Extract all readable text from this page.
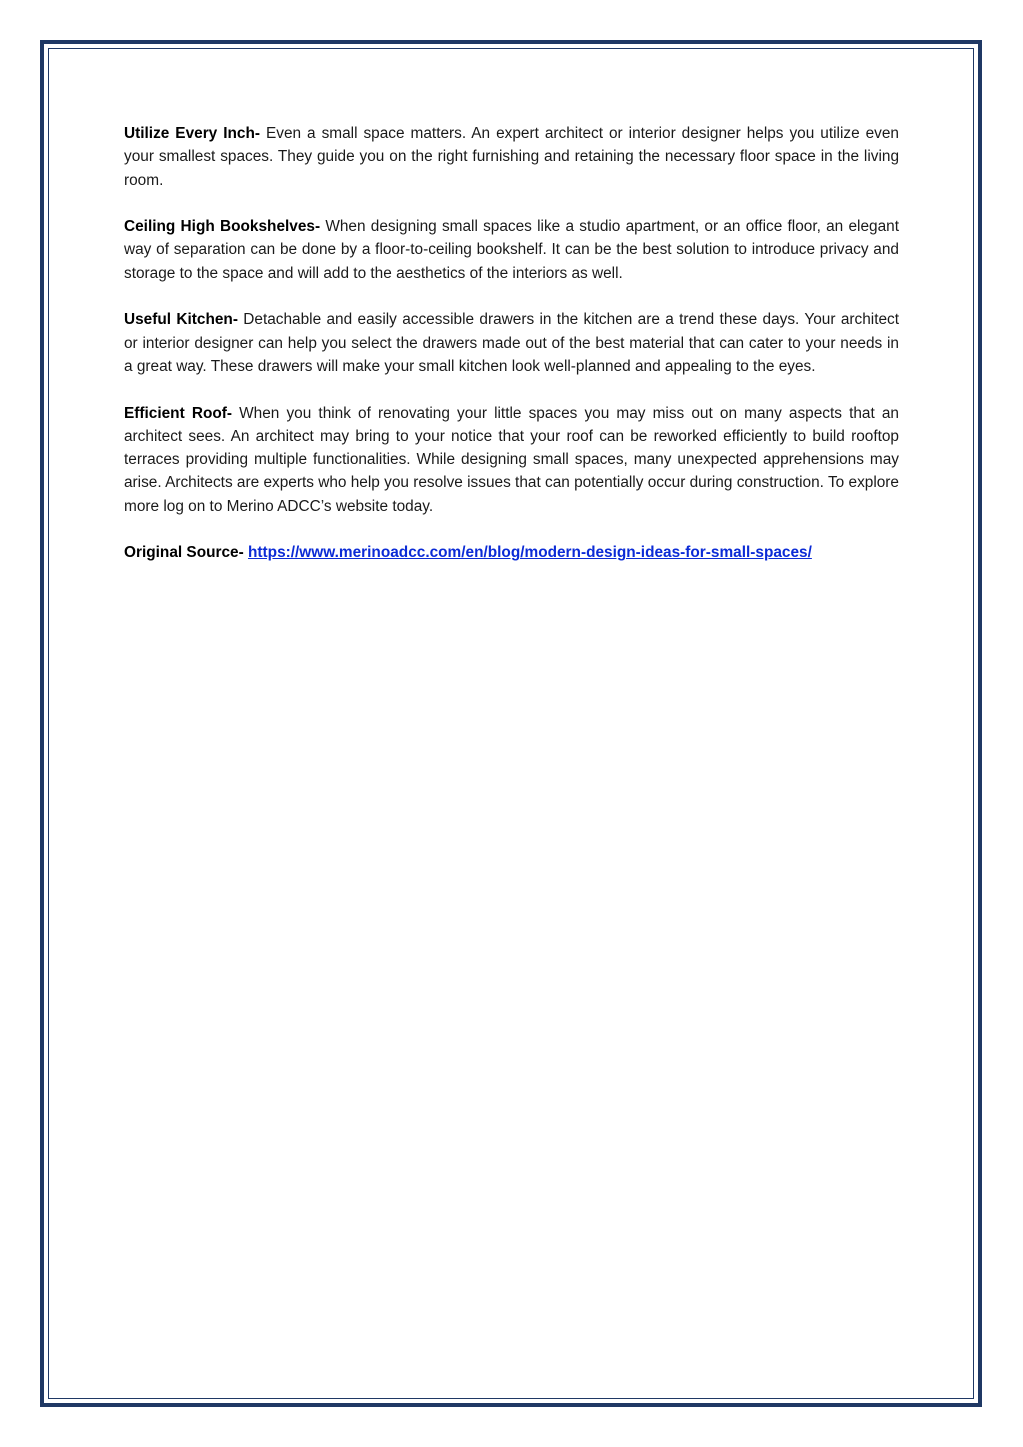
Utilize Every Inch- Even a small space matters. An expert architect or interior designer helps you utilize even your smallest spaces. They guide you on the right furnishing and retaining the necessary floor space in the living room.

Ceiling High Bookshelves- When designing small spaces like a studio apartment, or an office floor, an elegant way of separation can be done by a floor-to-ceiling bookshelf. It can be the best solution to introduce privacy and storage to the space and will add to the aesthetics of the interiors as well.

Useful Kitchen- Detachable and easily accessible drawers in the kitchen are a trend these days. Your architect or interior designer can help you select the drawers made out of the best material that can cater to your needs in a great way. These drawers will make your small kitchen look well-planned and appealing to the eyes.

Efficient Roof- When you think of renovating your little spaces you may miss out on many aspects that an architect sees. An architect may bring to your notice that your roof can be reworked efficiently to build rooftop terraces providing multiple functionalities. While designing small spaces, many unexpected apprehensions may arise. Architects are experts who help you resolve issues that can potentially occur during construction. To explore more log on to Merino ADCC’s website today.

Original Source- https://www.merinoadcc.com/en/blog/modern-design-ideas-for-small-spaces/
